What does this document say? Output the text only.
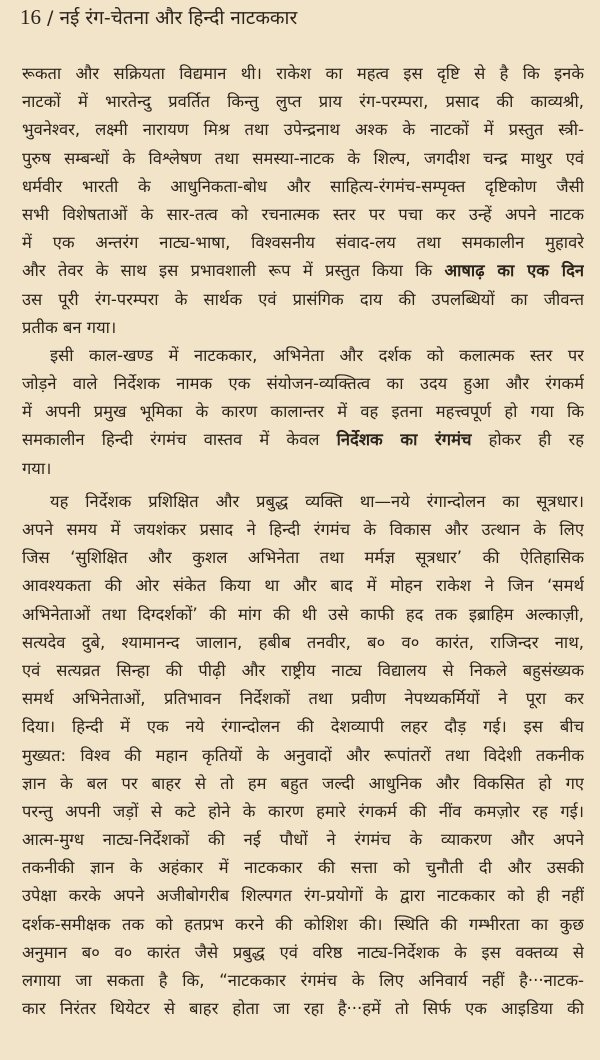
16 / नई रंग-चेतना और हिन्दी नाटककार
रूकता और सक्रियता विद्यमान थी। राकेश का महत्व इस दृष्टि से है कि इनके
नाटकों में भारतेन्दु प्रवर्तित किन्तु लुप्त प्राय रंग-परम्परा, प्रसाद की काव्यश्री,
भुवनेश्वर, लक्ष्मी नारायण मिश्र तथा उपेन्द्रनाथ अश्क के नाटकों में प्रस्तुत स्त्री-
पुरुष सम्बन्धों के विश्लेषण तथा समस्या-नाटक के शिल्प, जगदीश चन्द्र माथुर एवं
धर्मवीर भारती के आधुनिकता-बोध और साहित्य-रंगमंच-सम्पृक्त दृष्टिकोण जैसी
सभी विशेषताओं के सार-तत्व को रचनात्मक स्तर पर पचा कर उन्हें अपने नाटक
में एक अन्तरंग नाट्य-भाषा, विश्वसनीय संवाद-लय तथा समकालीन मुहावरे
और तेवर के साथ इस प्रभावशाली रूप में प्रस्तुत किया कि आषाढ़ का एक दिन
उस पूरी रंग-परम्परा के सार्थक एवं प्रासंगिक दाय की उपलब्धियों का जीवन्त
प्रतीक बन गया।
इसी काल-खण्ड में नाटककार, अभिनेता और दर्शक को कलात्मक स्तर पर
जोड़ने वाले निर्देशक नामक एक संयोजन-व्यक्तित्व का उदय हुआ और रंगकर्म
में अपनी प्रमुख भूमिका के कारण कालान्तर में वह इतना महत्त्वपूर्ण हो गया कि
समकालीन हिन्दी रंगमंच वास्तव में केवल निर्देशक का रंगमंच होकर ही रह
गया।
यह निर्देशक प्रशिक्षित और प्रबुद्ध व्यक्ति था—नये रंगान्दोलन का सूत्रधार।
अपने समय में जयशंकर प्रसाद ने हिन्दी रंगमंच के विकास और उत्थान के लिए
जिस ‘सुशिक्षित और कुशल अभिनेता तथा मर्मज्ञ सूत्रधार’ की ऐतिहासिक
आवश्यकता की ओर संकेत किया था और बाद में मोहन राकेश ने जिन ‘समर्थ
अभिनेताओं तथा दिग्दर्शकों’ की मांग की थी उसे काफी हद तक इब्राहिम अल्काज़ी,
सत्यदेव दुबे, श्यामानन्द जालान, हबीब तनवीर, ब० व० कारंत, राजिन्दर नाथ,
एवं सत्यव्रत सिन्हा की पीढ़ी और राष्ट्रीय नाट्य विद्यालय से निकले बहुसंख्यक
समर्थ अभिनेताओं, प्रतिभावन निर्देशकों तथा प्रवीण नेपथ्यकर्मियों ने पूरा कर
दिया। हिन्दी में एक नये रंगान्दोलन की देशव्यापी लहर दौड़ गई। इस बीच
मुख्यत: विश्व की महान कृतियों के अनुवादों और रूपांतरों तथा विदेशी तकनीक
ज्ञान के बल पर बाहर से तो हम बहुत जल्दी आधुनिक और विकसित हो गए
परन्तु अपनी जड़ों से कटे होने के कारण हमारे रंगकर्म की नींव कमज़ोर रह गई।
आत्म-मुग्ध नाट्य-निर्देशकों की नई पौधों ने रंगमंच के व्याकरण और अपने
तकनीकी ज्ञान के अहंकार में नाटककार की सत्ता को चुनौती दी और उसकी
उपेक्षा करके अपने अजीबोगरीब शिल्पगत रंग-प्रयोगों के द्वारा नाटककार को ही नहीं
दर्शक-समीक्षक तक को हतप्रभ करने की कोशिश की। स्थिति की गम्भीरता का कुछ
अनुमान ब० व० कारंत जैसे प्रबुद्ध एवं वरिष्ठ नाट्य-निर्देशक के इस वक्तव्य से
लगाया जा सकता है कि, “नाटककार रंगमंच के लिए अनिवार्य नहीं है···नाटक-
कार निरंतर थियेटर से बाहर होता जा रहा है···हमें तो सिर्फ एक आइडिया की
